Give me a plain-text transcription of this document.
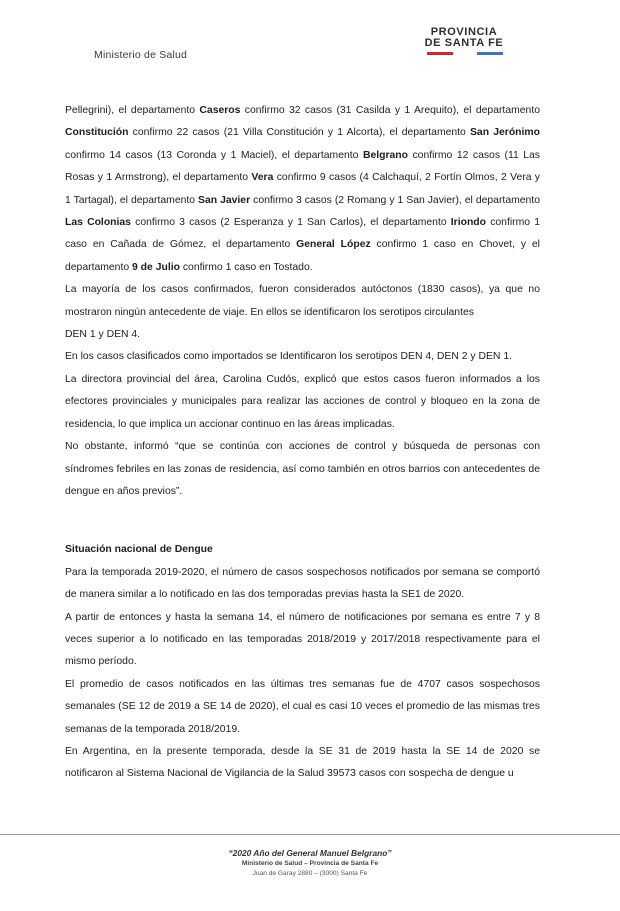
Ministerio de Salud
PROVINCIA
DE SANTA FE

Pellegrini), el departamento Caseros confirmo 32 casos (31 Casilda y 1 Arequito), el departamento Constitución confirmo 22 casos (21 Villa Constitución y 1 Alcorta), el departamento San Jerónimo confirmo 14 casos (13 Coronda y 1 Maciel), el departamento Belgrano confirmo 12 casos (11 Las Rosas y 1 Armstrong), el departamento Vera confirmo 9 casos (4 Calchaquí, 2 Fortín Olmos, 2 Vera y 1 Tartagal), el departamento San Javier confirmo 3 casos (2 Romang y 1 San Javier), el departamento Las Colonias confirmo 3 casos (2 Esperanza y 1 San Carlos), el departamento Iriondo confirmo 1 caso en Cañada de Gómez, el departamento General López confirmo 1 caso en Chovet, y el departamento 9 de Julio confirmo 1 caso en Tostado.

La mayoría de los casos confirmados, fueron considerados autóctonos (1830 casos), ya que no mostraron ningún antecedente de viaje. En ellos se identificaron los serotipos circulantes

DEN 1 y DEN 4.

En los casos clasificados como importados se Identificaron los serotipos DEN 4, DEN 2 y DEN 1.

La directora provincial del área, Carolina Cudós, explicó que estos casos fueron informados a los efectores provinciales y municipales para realizar las acciones de control y bloqueo en la zona de residencia, lo que implica un accionar continuo en las áreas implicadas.

No obstante, informó “que se continúa con acciones de control y búsqueda de personas con síndromes febriles en las zonas de residencia, así como también en otros barrios con antecedentes de dengue en años previos”.

Situación nacional de Dengue

Para la temporada 2019-2020, el número de casos sospechosos notificados por semana se comportó de manera similar a lo notificado en las dos temporadas previas hasta la SE1 de 2020.

A partir de entonces y hasta la semana 14, el número de notificaciones por semana es entre 7 y 8 veces superior a lo notificado en las temporadas 2018/2019 y 2017/2018 respectivamente para el mismo período.

El promedio de casos notificados en las últimas tres semanas fue de 4707 casos sospechosos semanales (SE 12 de 2019 a SE 14 de 2020), el cual es casi 10 veces el promedio de las mismas tres semanas de la temporada 2018/2019.

En Argentina, en la presente temporada, desde la SE 31 de 2019 hasta la SE 14 de 2020 se notificaron al Sistema Nacional de Vigilancia de la Salud 39573 casos con sospecha de dengue u

“2020 Año del General Manuel Belgrano”
Ministerio de Salud – Provincia de Santa Fe
Juan de Garay 2880 – (3000) Santa Fe
